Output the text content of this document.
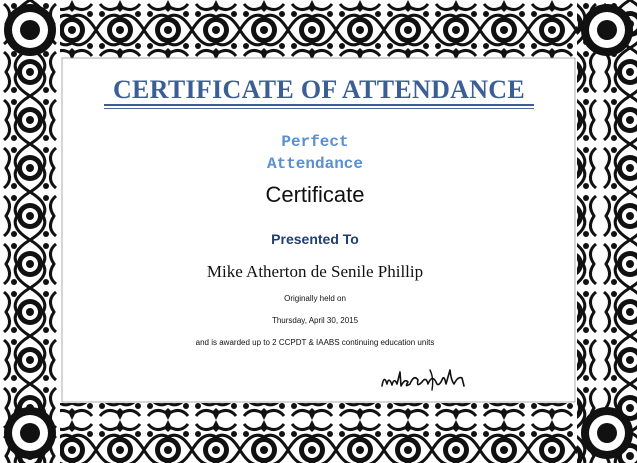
CERTIFICATE OF ATTENDANCE
Perfect
Attendance
Certificate
Presented To
Mike Atherton de Senile Phillip
Originally held on
Thursday, April 30, 2015
and is awarded up to 2 CCPDT & IAABS continuing education units
